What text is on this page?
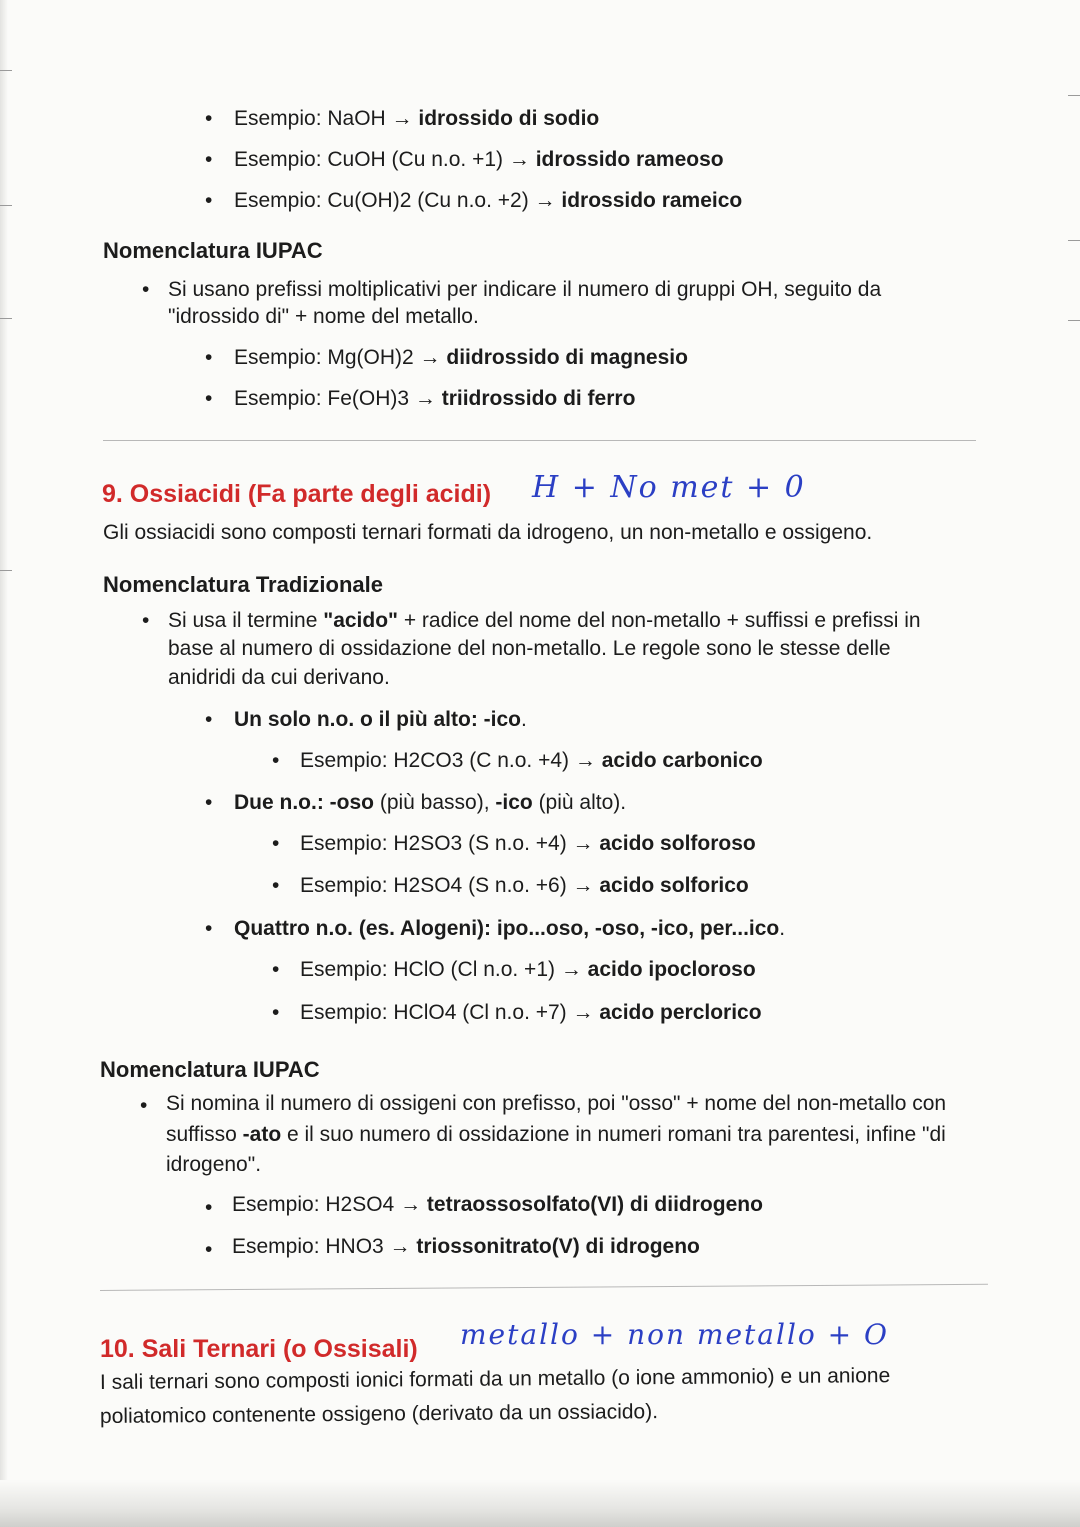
• Esempio: NaOH → idrossido di sodio
• Esempio: CuOH (Cu n.o. +1) → idrossido rameoso
• Esempio: Cu(OH)2 (Cu n.o. +2) → idrossido rameico
Nomenclatura IUPAC
• Si usano prefissi moltiplicativi per indicare il numero di gruppi OH, seguito da
"idrossido di" + nome del metallo.
• Esempio: Mg(OH)2 → diidrossido di magnesio
• Esempio: Fe(OH)3 → triidrossido di ferro
9. Ossiacidi (Fa parte degli acidi) H + No met + 0
Gli ossiacidi sono composti ternari formati da idrogeno, un non-metallo e ossigeno.
Nomenclatura Tradizionale
• Si usa il termine "acido" + radice del nome del non-metallo + suffissi e prefissi in
base al numero di ossidazione del non-metallo. Le regole sono le stesse delle
anidridi da cui derivano.
• Un solo n.o. o il più alto: -ico.
• Esempio: H2CO3 (C n.o. +4) → acido carbonico
• Due n.o.: -oso (più basso), -ico (più alto).
• Esempio: H2SO3 (S n.o. +4) → acido solforoso
• Esempio: H2SO4 (S n.o. +6) → acido solforico
• Quattro n.o. (es. Alogeni): ipo...oso, -oso, -ico, per...ico.
• Esempio: HClO (Cl n.o. +1) → acido ipocloroso
• Esempio: HClO4 (Cl n.o. +7) → acido perclorico
Nomenclatura IUPAC
• Si nomina il numero di ossigeni con prefisso, poi "osso" + nome del non-metallo con
suffisso -ato e il suo numero di ossidazione in numeri romani tra parentesi, infine "di
idrogeno".
• Esempio: H2SO4 → tetraossosolfato(VI) di diidrogeno
• Esempio: HNO3 → triossonitrato(V) di idrogeno
10. Sali Ternari (o Ossisali) metallo + non metallo + O
I sali ternari sono composti ionici formati da un metallo (o ione ammonio) e un anione
poliatomico contenente ossigeno (derivato da un ossiacido).
